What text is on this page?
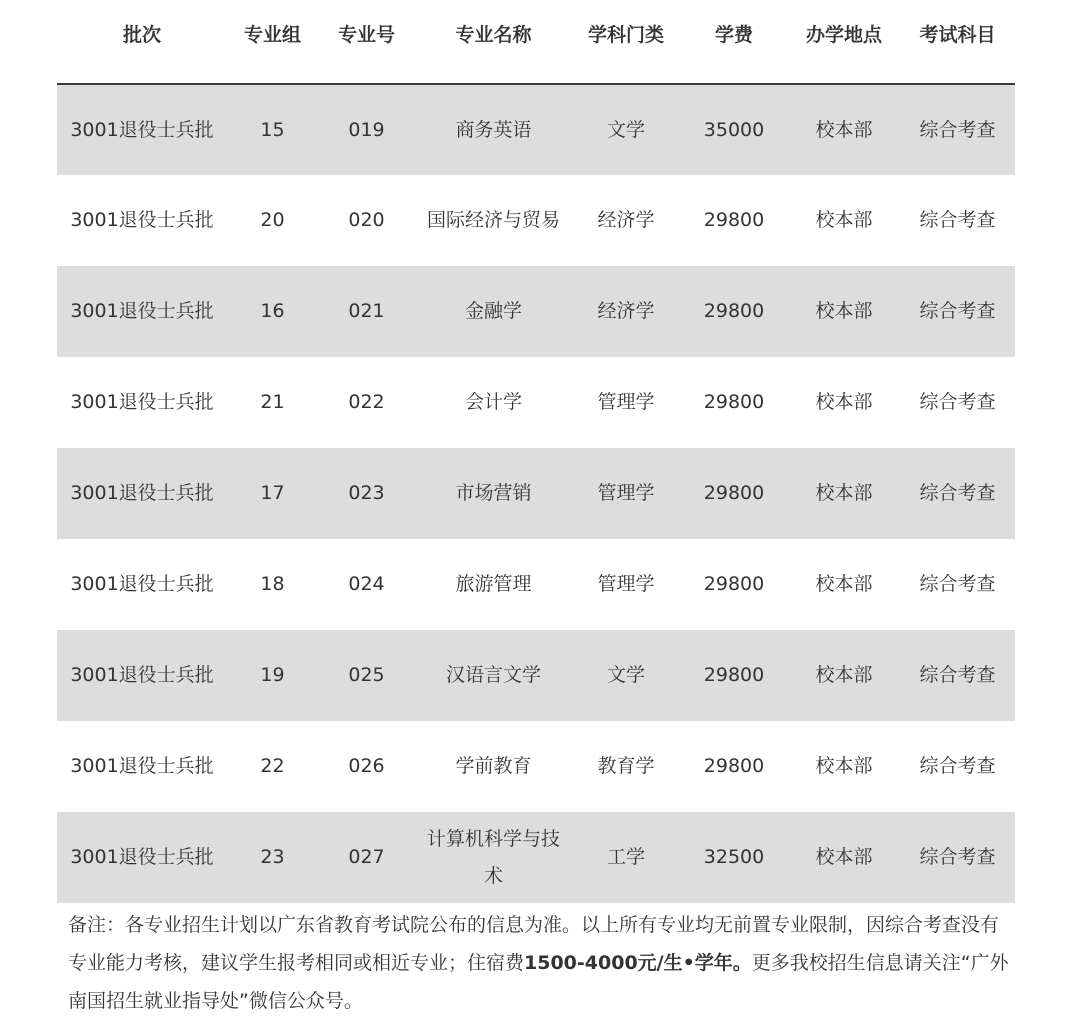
批次	专业组	专业号	专业名称	学科门类	学费	办学地点	考试科目
3001退役士兵批	15	019	商务英语	文学	35000	校本部	综合考查
3001退役士兵批	20	020	国际经济与贸易	经济学	29800	校本部	综合考查
3001退役士兵批	16	021	金融学	经济学	29800	校本部	综合考查
3001退役士兵批	21	022	会计学	管理学	29800	校本部	综合考查
3001退役士兵批	17	023	市场营销	管理学	29800	校本部	综合考查
3001退役士兵批	18	024	旅游管理	管理学	29800	校本部	综合考查
3001退役士兵批	19	025	汉语言文学	文学	29800	校本部	综合考查
3001退役士兵批	22	026	学前教育	教育学	29800	校本部	综合考查
3001退役士兵批	23	027	计算机科学与技术	工学	32500	校本部	综合考查
备注：各专业招生计划以广东省教育考试院公布的信息为准。以上所有专业均无前置专业限制，因综合考查没有专业能力考核，建议学生报考相同或相近专业；住宿费1500-4000元/生•学年。更多我校招生信息请关注“广外南国招生就业指导处”微信公众号。
